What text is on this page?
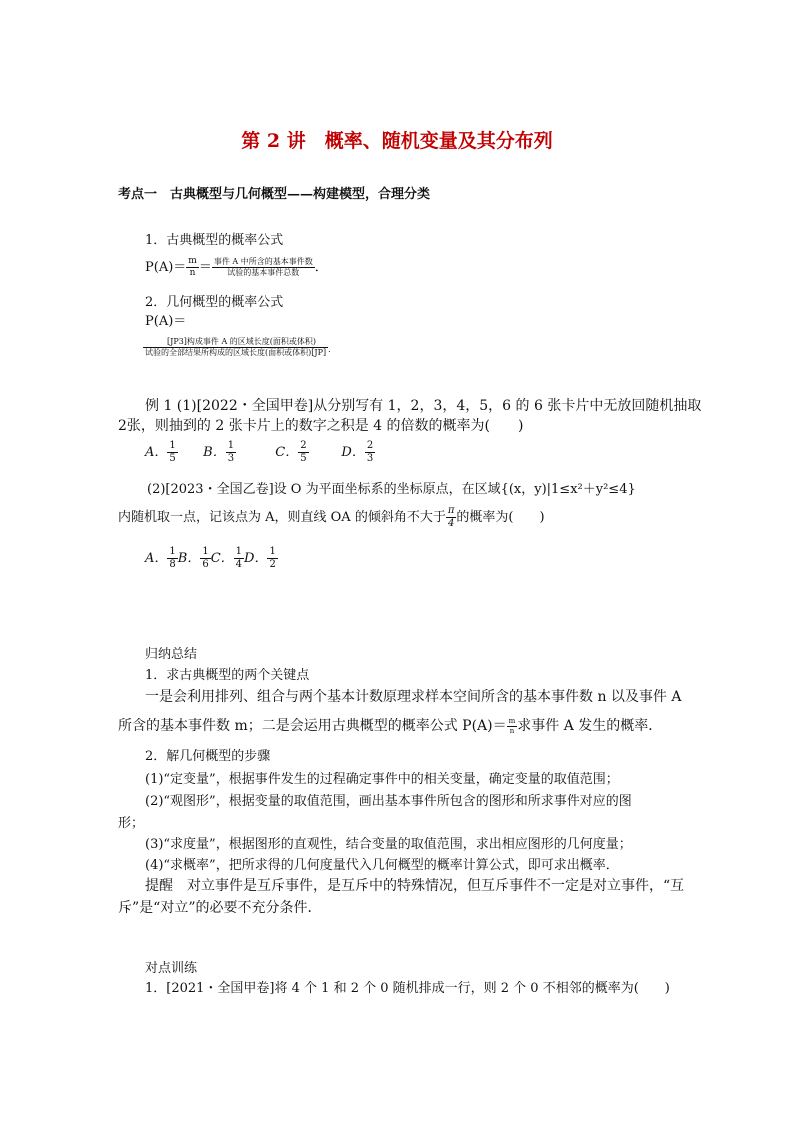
第 2 讲　概率、随机变量及其分布列
考点一　古典概型与几何概型——构建模型，合理分类
1．古典概型的概率公式
$P(A)= \frac{m}{n} = \frac{\text{事件 A 中所含的基本事件数}}{\text{试验的基本事件总数}}$ ．
2．几何概型的概率公式
P(A)＝
$\frac{\text{[JP3]构成事件 A 的区域长度(面积或体积)}}{\text{试验的全部结果所构成的区域长度(面积或体积)[JP]}}$ ．
例 1 (1)[2022・全国甲卷]从分别写有 1，2，3，4，5，6 的 6 张卡片中无放回随机抽取
2张，则抽到的 2 张卡片上的数字之积是 4 的倍数的概率为(　　)
A． $\frac{1}{5}$ B． $\frac{1}{3}$	C． $\frac{2}{5}$	D． $\frac{2}{3}$
(2)[2023・全国乙卷]设 O 为平面坐标系的坐标原点，在区域{(x，y)|1≤x²＋y²≤4}
内随机取一点，记该点为 A，则直线 OA 的倾斜角不大于 $\frac{\pi}{4}$ 的概率为(　　)
A． $\frac{1}{8}$ B． $\frac{1}{6}$ C． $\frac{1}{4}$ D． $\frac{1}{2}$
归纳总结
1．求古典概型的两个关键点
一是会利用排列、组合与两个基本计数原理求样本空间所含的基本事件数 n 以及事件 A
所含的基本事件数 m；二是会运用古典概型的概率公式 $P(A)= \frac{m}{n}$ 求事件 A 发生的概率．
2．解几何概型的步骤
(1)“定变量”，根据事件发生的过程确定事件中的相关变量，确定变量的取值范围；
(2)“观图形”，根据变量的取值范围，画出基本事件所包含的图形和所求事件对应的图
形；
(3)“求度量”，根据图形的直观性，结合变量的取值范围，求出相应图形的几何度量；
(4)“求概率”，把所求得的几何度量代入几何概型的概率计算公式，即可求出概率．
提醒　对立事件是互斥事件，是互斥中的特殊情况，但互斥事件不一定是对立事件，“互
斥”是“对立”的必要不充分条件．
对点训练
1．[2021・全国甲卷]将 4 个 1 和 2 个 0 随机排成一行，则 2 个 0 不相邻的概率为(　　)
